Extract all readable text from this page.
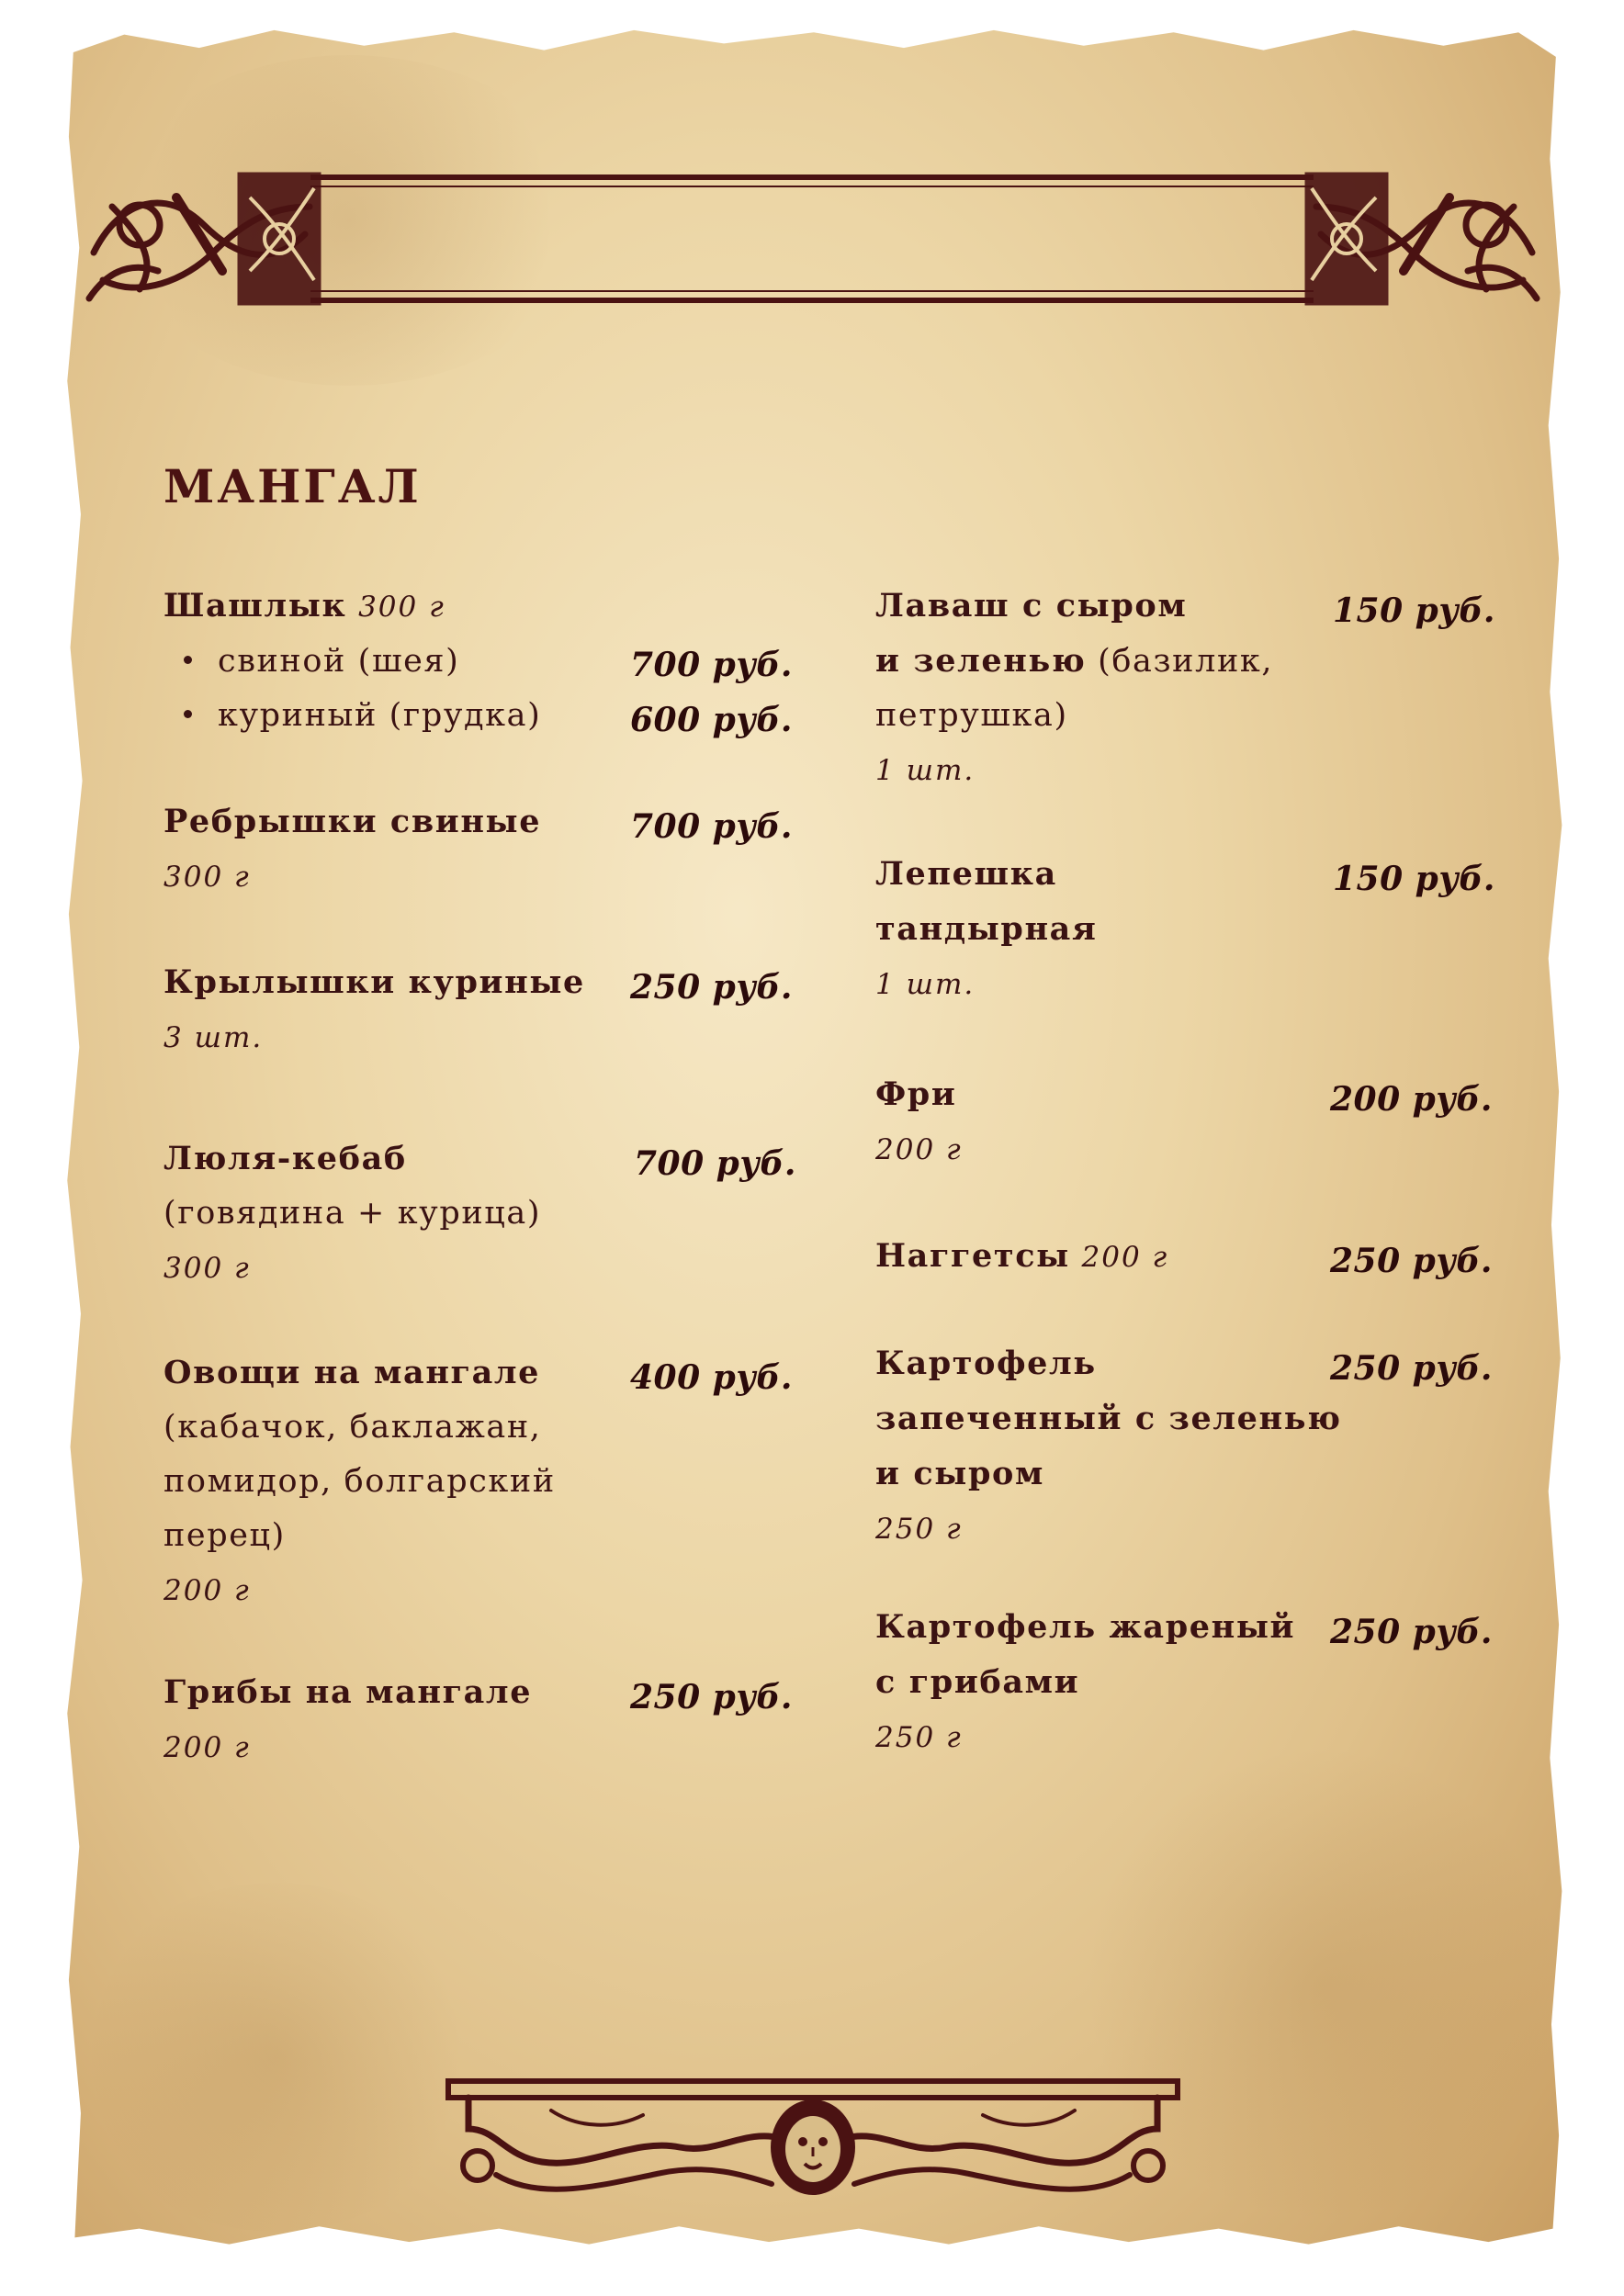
МАНГАЛ
Шашлык 300 г
свиной (шея)
куриный (грудка)
700 руб.
600 руб.
Ребрышки свиные
300 г
700 руб.
Крылышки куриные
3 шт.
250 руб.
Люля-кебаб
(говядина + курица)
300 г
700 руб.
Овощи на мангале
(кабачок, баклажан,
помидор, болгарский
перец)
200 г
400 руб.
Грибы на мангале
200 г
250 руб.
Лаваш с сыром
и зеленью (базилик,
петрушка)
1 шт.
150 руб.
Лепешка
тандырная
1 шт.
150 руб.
Фри
200 г
200 руб.
Наггетсы 200 г	250 руб.
Картофель
запеченный с зеленью
и сыром
250 г
250 руб.
Картофель жареный
с грибами
250 г
250 руб.
